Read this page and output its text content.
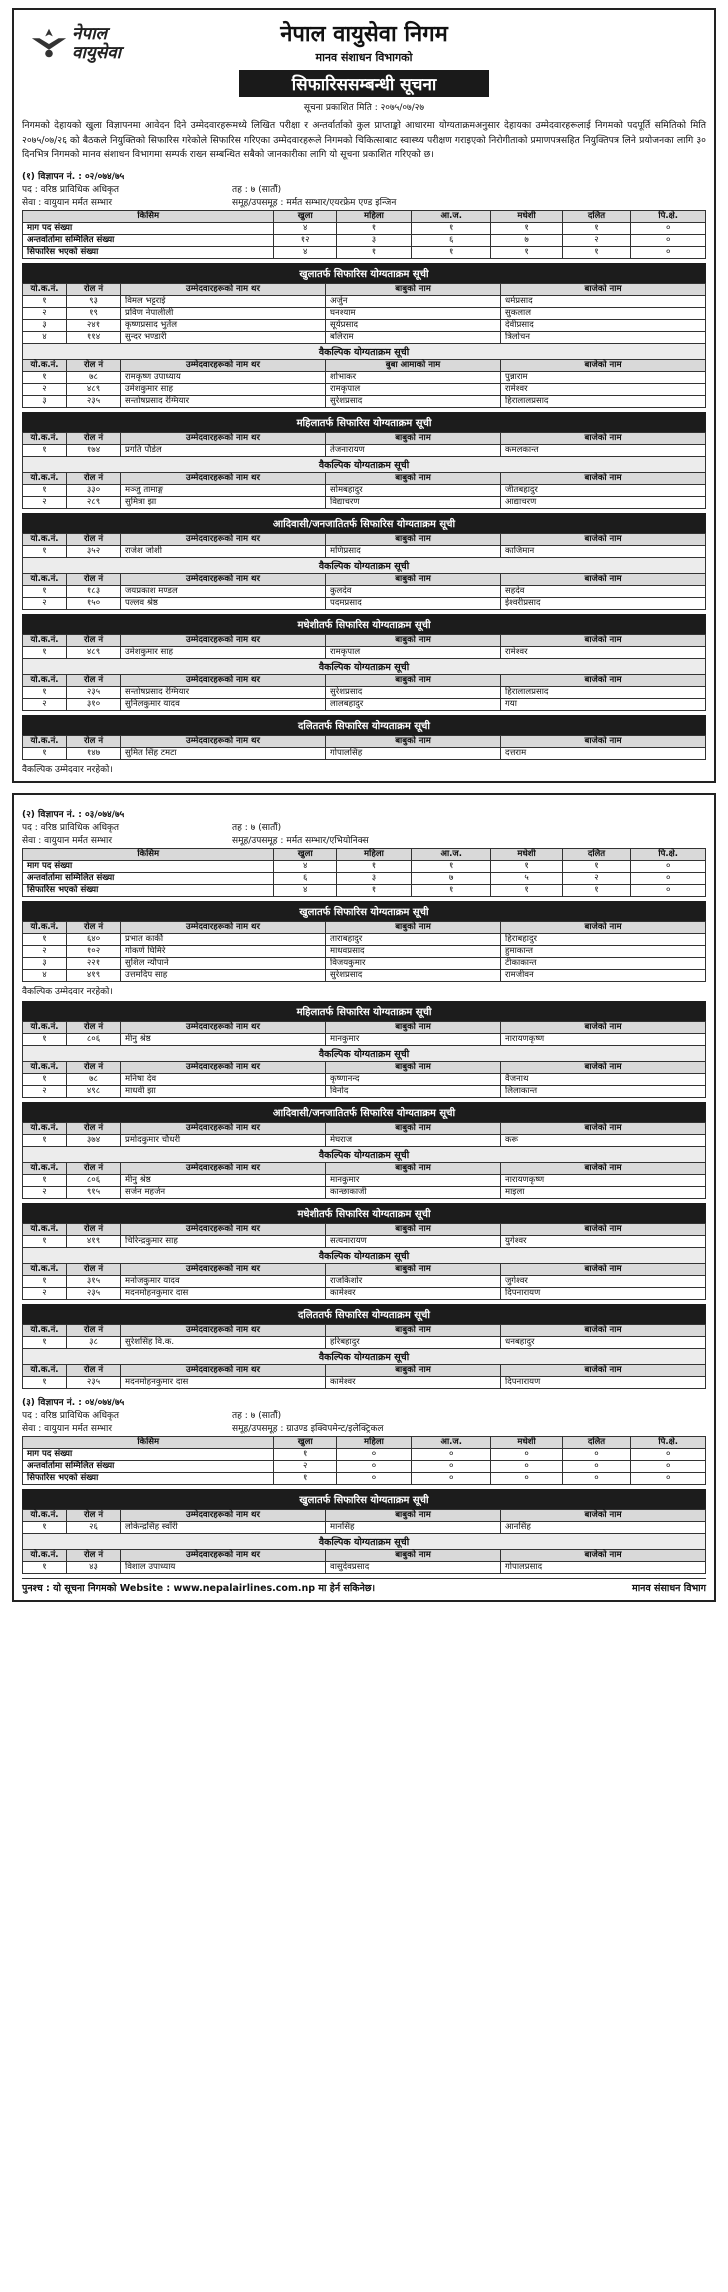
नेपाल
वायुसेवा
नेपाल वायुसेवा निगम
मानव संशाधन विभागको
सिफारिससम्बन्धी सूचना
सूचना प्रकाशित मिति : २०७५/०७/२७
निगमको देहायको खुला विज्ञापनमा आवेदन दिने उम्मेदवारहरूमध्ये लिखित परीक्षा र अन्तर्वार्ताको कुल प्राप्ताङ्को आधारमा योग्यताक्रमअनुसार देहायका उम्मेदवारहरूलाई निगमको पदपूर्ति समितिको मिति २०७५/०७/२६ को बैठकले नियुक्तिको सिफारिस गरेकोले सिफारिस गरिएका उम्मेदवारहरूले निगमको चिकित्साबाट स्वास्थ्य परीक्षण गराइएको निरोगीताको प्रमाणपत्रसहित नियुक्तिपत्र लिने प्रयोजनका लागि ३० दिनभित्र निगमको मानव संशाधन विभागमा सम्पर्क राख्न सम्बन्धित सबैको जानकारीका लागि यो सूचना प्रकाशित गरिएको छ।
(१) विज्ञापन नं. : ०२/०७४/७५
पद : वरिष्ठ प्राविधिक अधिकृत	तह : ७ (सातौं)
सेवा : वायुयान मर्मत सम्भार	समूह/उपसमूह : मर्मत सम्भार/एयरफ्रेम एण्ड इन्जिन
किसिम	खुला	महिला	आ.ज.	मधेशी	दलित	पि.क्षे.
माग पद संख्या	४	१	१	१	१	०
अन्तर्वार्तामा सम्मिलित संख्या	१२	३	६	७	२	०
सिफारिस भएको संख्या	४	१	१	१	१	०
खुलातर्फ सिफारिस योग्यताक्रम सूची
यो.क.नं.	रोल नं	उम्मेदवारहरूको नाम थर	बाबुको नाम	बाजेको नाम
१	९३	विमल भट्टराई	अर्जुन	धर्मप्रसाद
२	१९	प्रविण नेपालीली	घनश्याम	सुकलाल
३	२४१	कृष्णप्रसाद भुर्तेल	सूर्यप्रसाद	देवीप्रसाद
४	११४	सुन्दर भण्डारी	बलिराम	त्रिलोचन
वैकल्पिक योग्यताक्रम सूची
यो.क.नं.	रोल नं	उम्मेदवारहरूको नाम थर	बुबा आमाको नाम	बाजेको नाम
१	७८	रामकृष्ण उपाध्याय	शोभाकर	पुन्नाराम
२	४८९	उमेशकुमार साह	रामकृपाल	रामेश्वर
३	२३५	सन्तोषप्रसाद रेग्मियार	सुरेशप्रसाद	हिरालालप्रसाद
महिलातर्फ सिफारिस योग्यताक्रम सूची
यो.क.नं.	रोल नं	उम्मेदवारहरूको नाम थर	बाबुको नाम	बाजेको नाम
१	१७४	प्रगति पौडेल	तेजनारायण	कमलकान्त
वैकल्पिक योग्यताक्रम सूची
यो.क.नं.	रोल नं	उम्मेदवारहरूको नाम थर	बाबुको नाम	बाजेको नाम
१	३३०	मञ्जु तामाङ्ग	सोमबहादुर	जीतबहादुर
२	२८९	सुमित्रा झा	विद्याचरण	आद्याचरण
आदिवासी/जनजातितर्फ सिफारिस योग्यताक्रम सूची
यो.क.नं.	रोल नं	उम्मेदवारहरूको नाम थर	बाबुको नाम	बाजेको नाम
१	३५२	राजेश जोशी	मणिप्रसाद	काजिमान
वैकल्पिक योग्यताक्रम सूची
यो.क.नं.	रोल नं	उम्मेदवारहरूको नाम थर	बाबुको नाम	बाजेको नाम
१	१८३	जयप्रकाश मण्डल	कुलदेव	सहदेव
२	१५०	पल्लव श्रेष्ठ	पदमप्रसाद	ईश्वरीप्रसाद
मधेशीतर्फ सिफारिस योग्यताक्रम सूची
यो.क.नं.	रोल नं	उम्मेदवारहरूको नाम थर	बाबुको नाम	बाजेको नाम
१	४८९	उमेशकुमार साह	रामकृपाल	रामेश्वर
वैकल्पिक योग्यताक्रम सूची
यो.क.नं.	रोल नं	उम्मेदवारहरूको नाम थर	बाबुको नाम	बाजेको नाम
१	२३५	सन्तोषप्रसाद रेग्मियार	सुरेशप्रसाद	हिरालालप्रसाद
२	३१०	सुनिलकुमार यादव	लालबहादुर	गया
दलिततर्फ सिफारिस योग्यताक्रम सूची
यो.क.नं.	रोल नं	उम्मेदवारहरूको नाम थर	बाबुको नाम	बाजेको नाम
१	१४७	सुमित सिंह टमटा	गोपालसिंह	दत्तराम
वैकल्पिक उम्मेदवार नरहेको।
(२) विज्ञापन नं. : ०३/०७४/७५
पद : वरिष्ठ प्राविधिक अधिकृत	तह : ७ (सातौं)
सेवा : वायुयान मर्मत सम्भार	समूह/उपसमूह : मर्मत सम्भार/एभियोनिक्स
किसिम	खुला	महिला	आ.ज.	मधेशी	दलित	पि.क्षे.
माग पद संख्या	४	१	१	१	१	०
अन्तर्वार्तामा सम्मिलित संख्या	६	३	७	५	२	०
सिफारिस भएको संख्या	४	१	१	१	१	०
खुलातर्फ सिफारिस योग्यताक्रम सूची
यो.क.नं.	रोल नं	उम्मेदवारहरूको नाम थर	बाबुको नाम	बाजेको नाम
१	६४०	प्रभात कार्की	ताराबहादुर	हिराबहादुर
२	१०२	गोकर्ण घिमिरे	माधवप्रसाद	हुमाकान्त
३	२२१	सुशिल न्यौपाने	विजयकुमार	टीकाकान्त
४	४१९	उत्तमदिप साह	सुरेशप्रसाद	रामजीवन
वैकल्पिक उम्मेदवार नरहेको।
महिलातर्फ सिफारिस योग्यताक्रम सूची
यो.क.नं.	रोल नं	उम्मेदवारहरूको नाम थर	बाबुको नाम	बाजेको नाम
१	८०६	मीनु श्रेष्ठ	मानकुमार	नारायणकृष्ण
वैकल्पिक योग्यताक्रम सूची
यो.क.नं.	रोल नं	उम्मेदवारहरूको नाम थर	बाबुको नाम	बाजेको नाम
१	७८	मनिषा देव	कृष्णानन्द	वैजनाथ
२	४९८	माधवी झा	विनोद	लिलाकान्त
आदिवासी/जनजातितर्फ सिफारिस योग्यताक्रम सूची
यो.क.नं.	रोल नं	उम्मेदवारहरूको नाम थर	बाबुको नाम	बाजेको नाम
१	३७४	प्रमोदकुमार चौधरी	मेघराज	करू
वैकल्पिक योग्यताक्रम सूची
यो.क.नं.	रोल नं	उम्मेदवारहरूको नाम थर	बाबुको नाम	बाजेको नाम
१	८०६	मीनु श्रेष्ठ	मानकुमार	नारायणकृष्ण
२	९१५	सर्जन महर्जन	कान्छाकाजी	माइला
मधेशीतर्फ सिफारिस योग्यताक्रम सूची
यो.क.नं.	रोल नं	उम्मेदवारहरूको नाम थर	बाबुको नाम	बाजेको नाम
१	४१९	चिरिन्द्रकुमार साह	सत्यनारायण	युगेश्वर
वैकल्पिक योग्यताक्रम सूची
यो.क.नं.	रोल नं	उम्मेदवारहरूको नाम थर	बाबुको नाम	बाजेको नाम
१	३१५	मनोजकुमार यादव	राजकिशोर	जुगेश्वर
२	२३५	मदनमोहनकुमार दास	कामेश्वर	दिपनारायण
दलिततर्फ सिफारिस योग्यताक्रम सूची
यो.क.नं.	रोल नं	उम्मेदवारहरूको नाम थर	बाबुको नाम	बाजेको नाम
१	३८	सुरेशसिंह वि.क.	हरिबहादुर	धनबहादुर
वैकल्पिक योग्यताक्रम सूची
यो.क.नं.	रोल नं	उम्मेदवारहरूको नाम थर	बाबुको नाम	बाजेको नाम
१	२३५	मदनमोहनकुमार दास	कामेश्वर	दिपनारायण
(३) विज्ञापन नं. : ०४/०७४/७५
पद : वरिष्ठ प्राविधिक अधिकृत	तह : ७ (सातौं)
सेवा : वायुयान मर्मत सम्भार	समूह/उपसमूह : ग्राउण्ड इक्विपमेन्ट/इलेक्ट्रिकल
किसिम	खुला	महिला	आ.ज.	मधेशी	दलित	पि.क्षे.
माग पद संख्या	१	०	०	०	०	०
अन्तर्वार्तामा सम्मिलित संख्या	२	०	०	०	०	०
सिफारिस भएको संख्या	१	०	०	०	०	०
खुलातर्फ सिफारिस योग्यताक्रम सूची
यो.क.नं.	रोल नं	उम्मेदवारहरूको नाम थर	बाबुको नाम	बाजेको नाम
१	२६	लोकेन्द्रसिंह स्वाँरी	मानसिंह	आनसिंह
वैकल्पिक योग्यताक्रम सूची
यो.क.नं.	रोल नं	उम्मेदवारहरूको नाम थर	बाबुको नाम	बाजेको नाम
१	४३	विशाल उपाध्याय	वासुदेवप्रसाद	गोपालप्रसाद
पुनश्च : यो सूचना निगमको Website : www.nepalairlines.com.np मा हेर्न सकिनेछ।	मानव संसाधन विभाग
